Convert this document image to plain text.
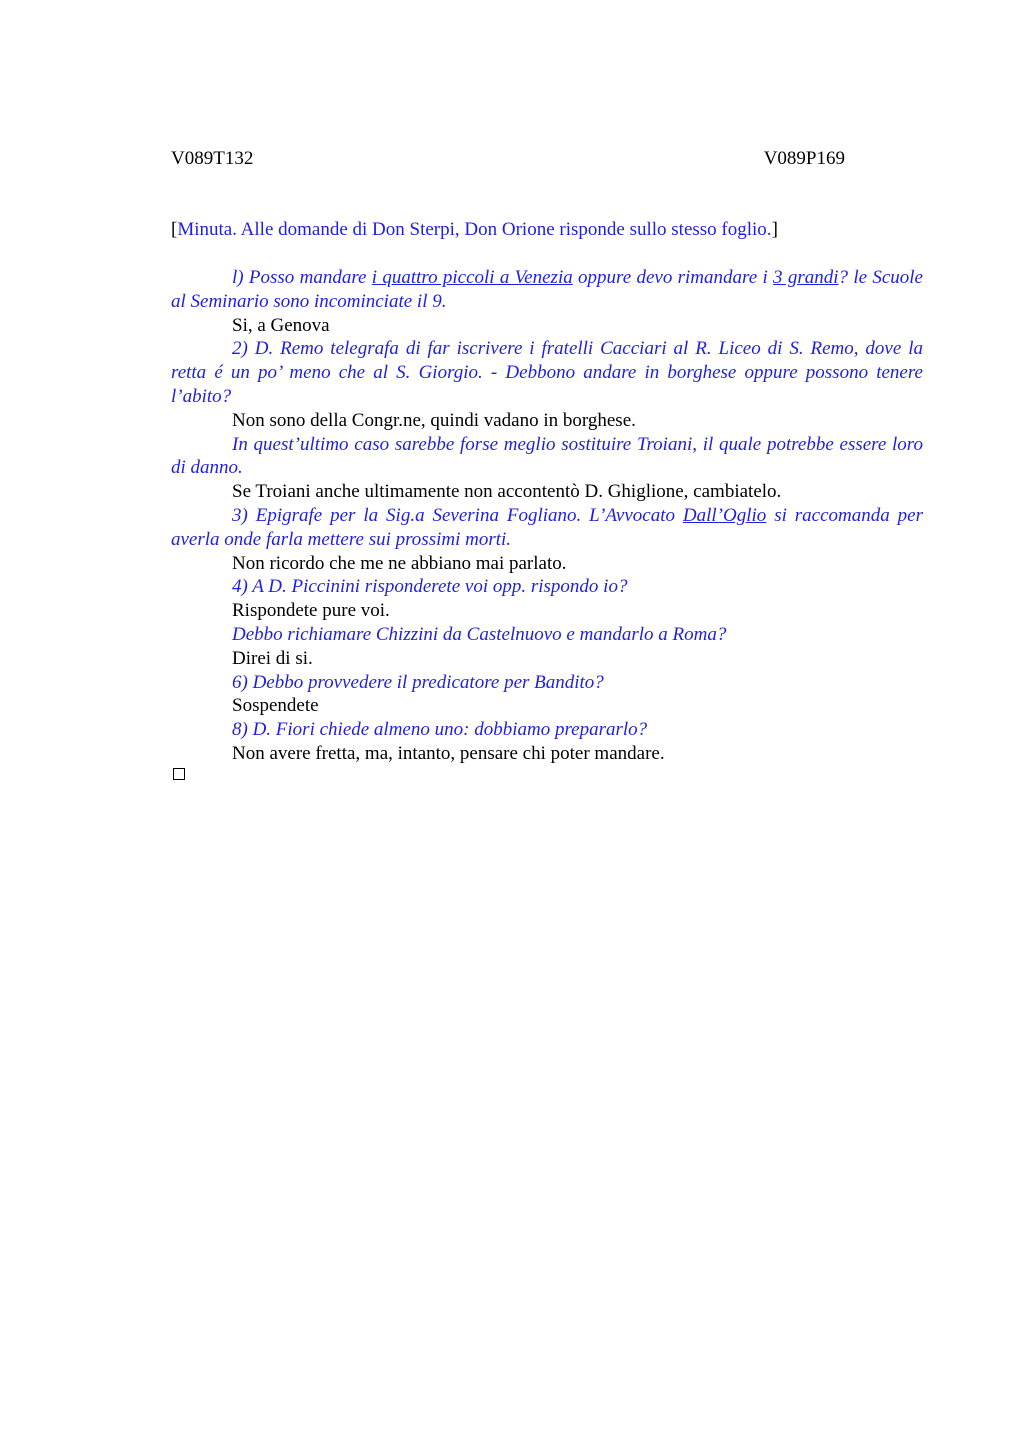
V089T132	V089P169
[Minuta. Alle domande di Don Sterpi, Don Orione risponde sullo stesso foglio.]

l) Posso mandare i quattro piccoli a Venezia oppure devo rimandare i 3 grandi? le Scuole al Seminario sono incominciate il 9.

Si, a Genova

2) D. Remo telegrafa di far iscrivere i fratelli Cacciari al R. Liceo di S. Remo, dove la retta é un po’ meno che al S. Giorgio. - Debbono andare in borghese oppure possono tenere l’abito?

Non sono della Congr.ne, quindi vadano in borghese.

In quest’ultimo caso sarebbe forse meglio sostituire Troiani, il quale potrebbe essere loro di danno.

Se Troiani anche ultimamente non accontentò D. Ghiglione, cambiatelo.

3) Epigrafe per la Sig.a Severina Fogliano. L’Avvocato Dall’Oglio si raccomanda per averla onde farla mettere sui prossimi morti.

Non ricordo che me ne abbiano mai parlato.

4) A D. Piccinini risponderete voi opp. rispondo io?

Rispondete pure voi.

Debbo richiamare Chizzini da Castelnuovo e mandarlo a Roma?

Direi di si.

6) Debbo provvedere il predicatore per Bandito?

Sospendete

8) D. Fiori chiede almeno uno: dobbiamo prepararlo?

Non avere fretta, ma, intanto, pensare chi poter mandare.
